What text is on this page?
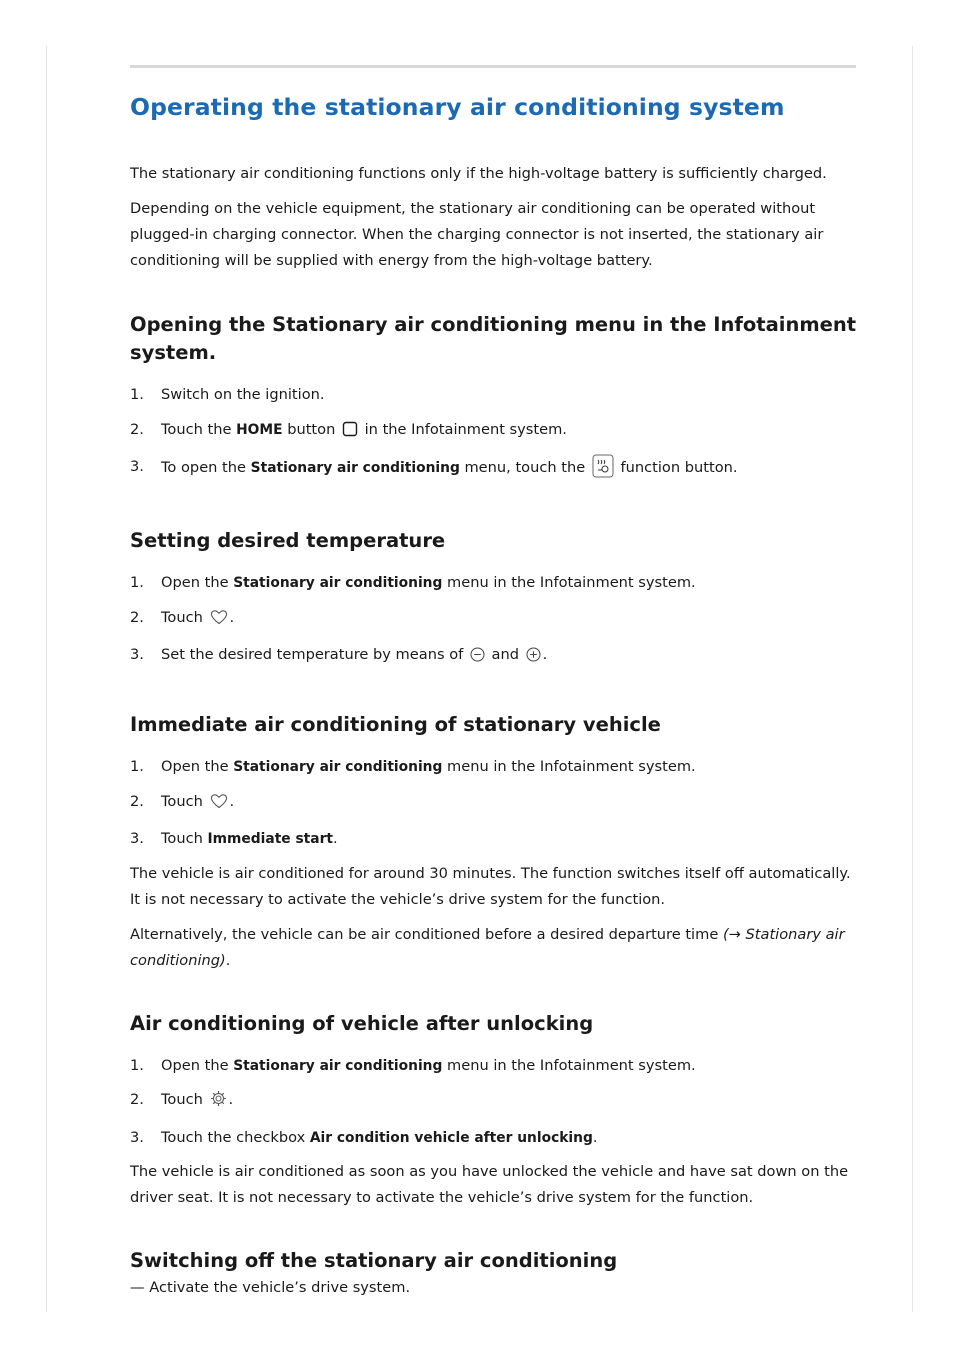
Operating the stationary air conditioning system

The stationary air conditioning functions only if the high-voltage battery is sufficiently charged.

Depending on the vehicle equipment, the stationary air conditioning can be operated without plugged-in charging connector. When the charging connector is not inserted, the stationary air conditioning will be supplied with energy from the high-voltage battery.

Opening the Stationary air conditioning menu in the Infotainment system.
1. Switch on the ignition.
2. Touch the HOME button  in the Infotainment system.
3. To open the Stationary air conditioning menu, touch the  function button.
Setting desired temperature
1. Open the Stationary air conditioning menu in the Infotainment system.
2. Touch .
3. Set the desired temperature by means of  and .
Immediate air conditioning of stationary vehicle
1. Open the Stationary air conditioning menu in the Infotainment system.
2. Touch .
3. Touch Immediate start.

The vehicle is air conditioned for around 30 minutes. The function switches itself off automatically. It is not necessary to activate the vehicle’s drive system for the function.

Alternatively, the vehicle can be air conditioned before a desired departure time (→ Stationary air conditioning).

Air conditioning of vehicle after unlocking
1. Open the Stationary air conditioning menu in the Infotainment system.
2. Touch .
3. Touch the checkbox Air condition vehicle after unlocking.

The vehicle is air conditioned as soon as you have unlocked the vehicle and have sat down on the driver seat. It is not necessary to activate the vehicle’s drive system for the function.

Switching off the stationary air conditioning

— Activate the vehicle’s drive system.
